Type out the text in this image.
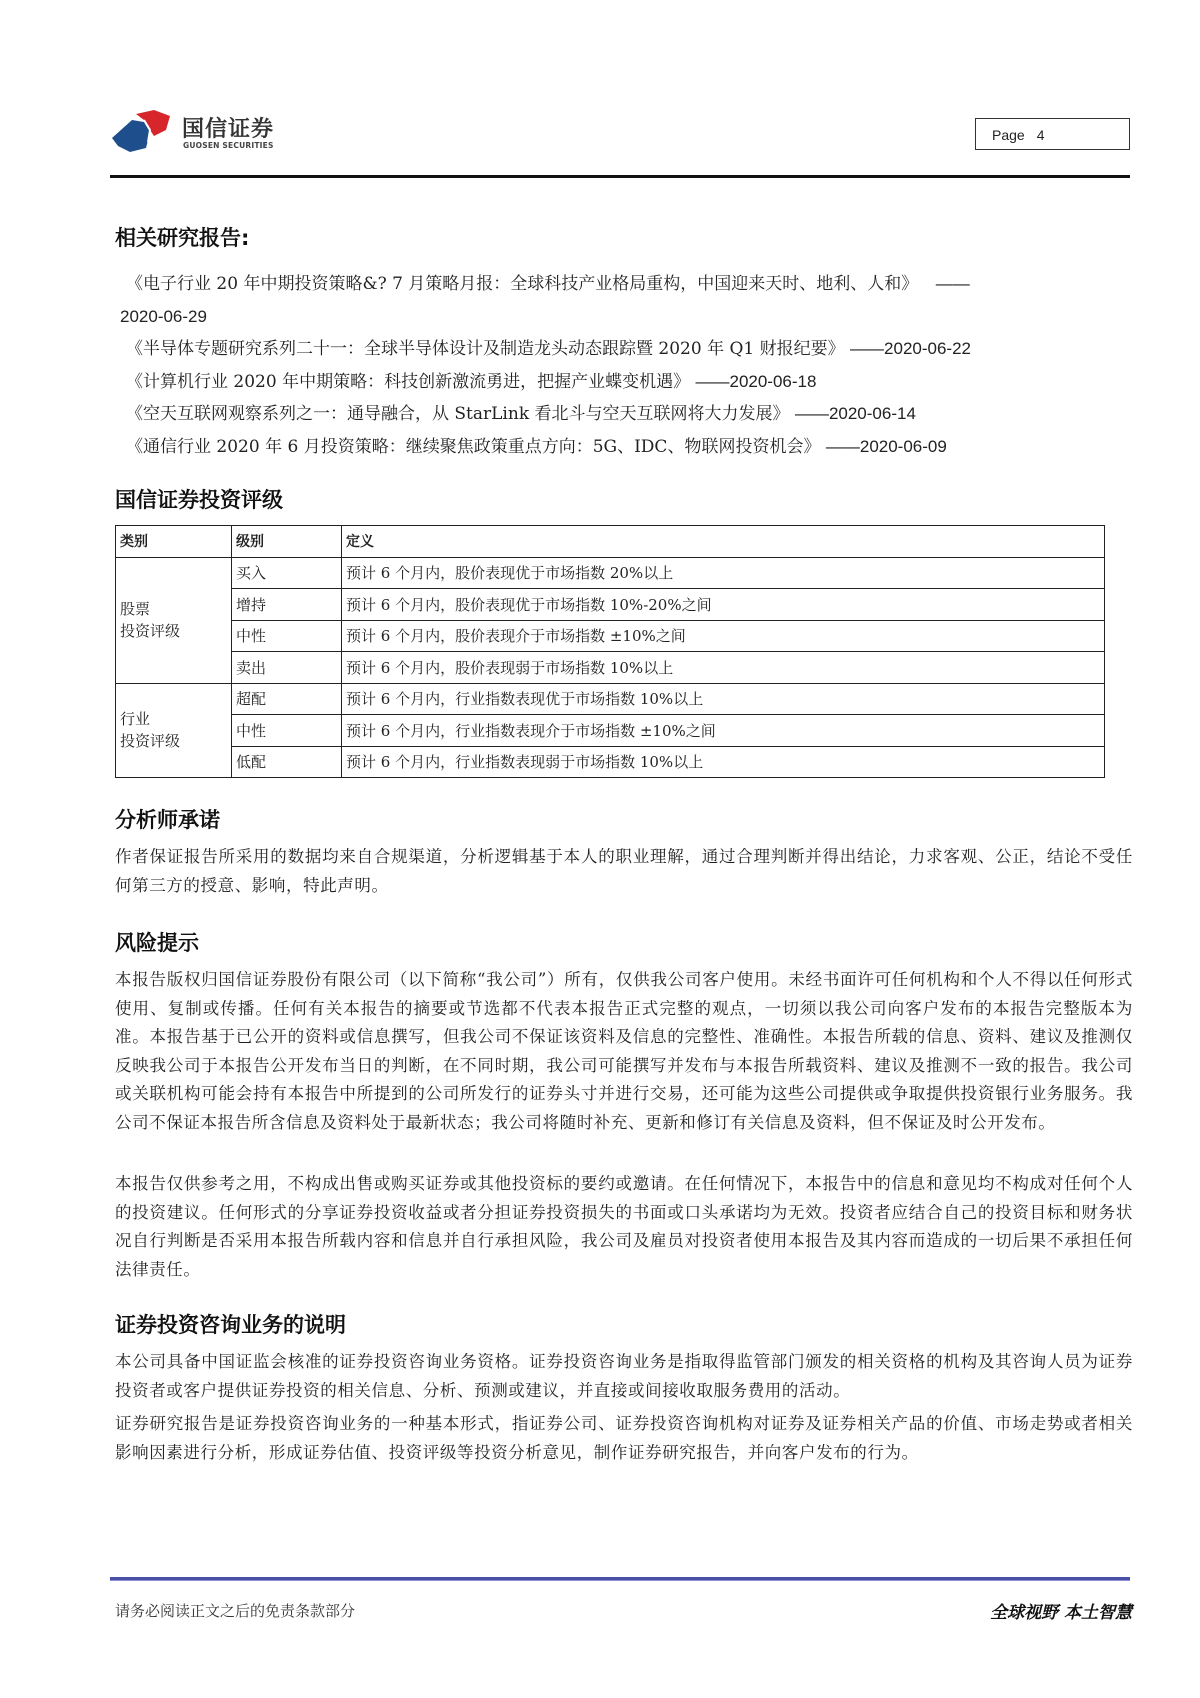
国信证券
GUOSEN SECURITIES
Page 4
相关研究报告:
《电子行业 20 年中期投资策略&? 7 月策略月报：全球科技产业格局重构，中国迎来天时、地利、人和》 ——
2020-06-29
《半导体专题研究系列二十一：全球半导体设计及制造龙头动态跟踪暨 2020 年 Q1 财报纪要》 ——2020-06-22
《计算机行业 2020 年中期策略：科技创新激流勇进，把握产业蝶变机遇》 ——2020-06-18
《空天互联网观察系列之一：通导融合，从 StarLink 看北斗与空天互联网将大力发展》 ——2020-06-14
《通信行业 2020 年 6 月投资策略：继续聚焦政策重点方向：5G、IDC、物联网投资机会》 ——2020-06-09
国信证券投资评级
类别	级别	定义
股票
投资评级	买入	预计 6 个月内，股价表现优于市场指数 20%以上
	增持	预计 6 个月内，股价表现优于市场指数 10%-20%之间
	中性	预计 6 个月内，股价表现介于市场指数 ±10%之间
	卖出	预计 6 个月内，股价表现弱于市场指数 10%以上
行业
投资评级	超配	预计 6 个月内，行业指数表现优于市场指数 10%以上
	中性	预计 6 个月内，行业指数表现介于市场指数 ±10%之间
	低配	预计 6 个月内，行业指数表现弱于市场指数 10%以上
分析师承诺
作者保证报告所采用的数据均来自合规渠道，分析逻辑基于本人的职业理解，通过合理判断并得出结论，力求客观、公正，结论不受任何第三方的授意、影响，特此声明。
风险提示
本报告版权归国信证券股份有限公司（以下简称“我公司”）所有，仅供我公司客户使用。未经书面许可任何机构和个人不得以任何形式使用、复制或传播。任何有关本报告的摘要或节选都不代表本报告正式完整的观点，一切须以我公司向客户发布的本报告完整版本为准。本报告基于已公开的资料或信息撰写，但我公司不保证该资料及信息的完整性、准确性。本报告所载的信息、资料、建议及推测仅反映我公司于本报告公开发布当日的判断，在不同时期，我公司可能撰写并发布与本报告所载资料、建议及推测不一致的报告。我公司或关联机构可能会持有本报告中所提到的公司所发行的证券头寸并进行交易，还可能为这些公司提供或争取提供投资银行业务服务。我公司不保证本报告所含信息及资料处于最新状态；我公司将随时补充、更新和修订有关信息及资料，但不保证及时公开发布。
本报告仅供参考之用，不构成出售或购买证券或其他投资标的要约或邀请。在任何情况下，本报告中的信息和意见均不构成对任何个人的投资建议。任何形式的分享证券投资收益或者分担证券投资损失的书面或口头承诺均为无效。投资者应结合自己的投资目标和财务状况自行判断是否采用本报告所载内容和信息并自行承担风险，我公司及雇员对投资者使用本报告及其内容而造成的一切后果不承担任何法律责任。
证券投资咨询业务的说明
本公司具备中国证监会核准的证券投资咨询业务资格。证券投资咨询业务是指取得监管部门颁发的相关资格的机构及其咨询人员为证券投资者或客户提供证券投资的相关信息、分析、预测或建议，并直接或间接收取服务费用的活动。
证券研究报告是证券投资咨询业务的一种基本形式，指证券公司、证券投资咨询机构对证券及证券相关产品的价值、市场走势或者相关影响因素进行分析，形成证券估值、投资评级等投资分析意见，制作证券研究报告，并向客户发布的行为。
请务必阅读正文之后的免责条款部分	全球视野 本土智慧
